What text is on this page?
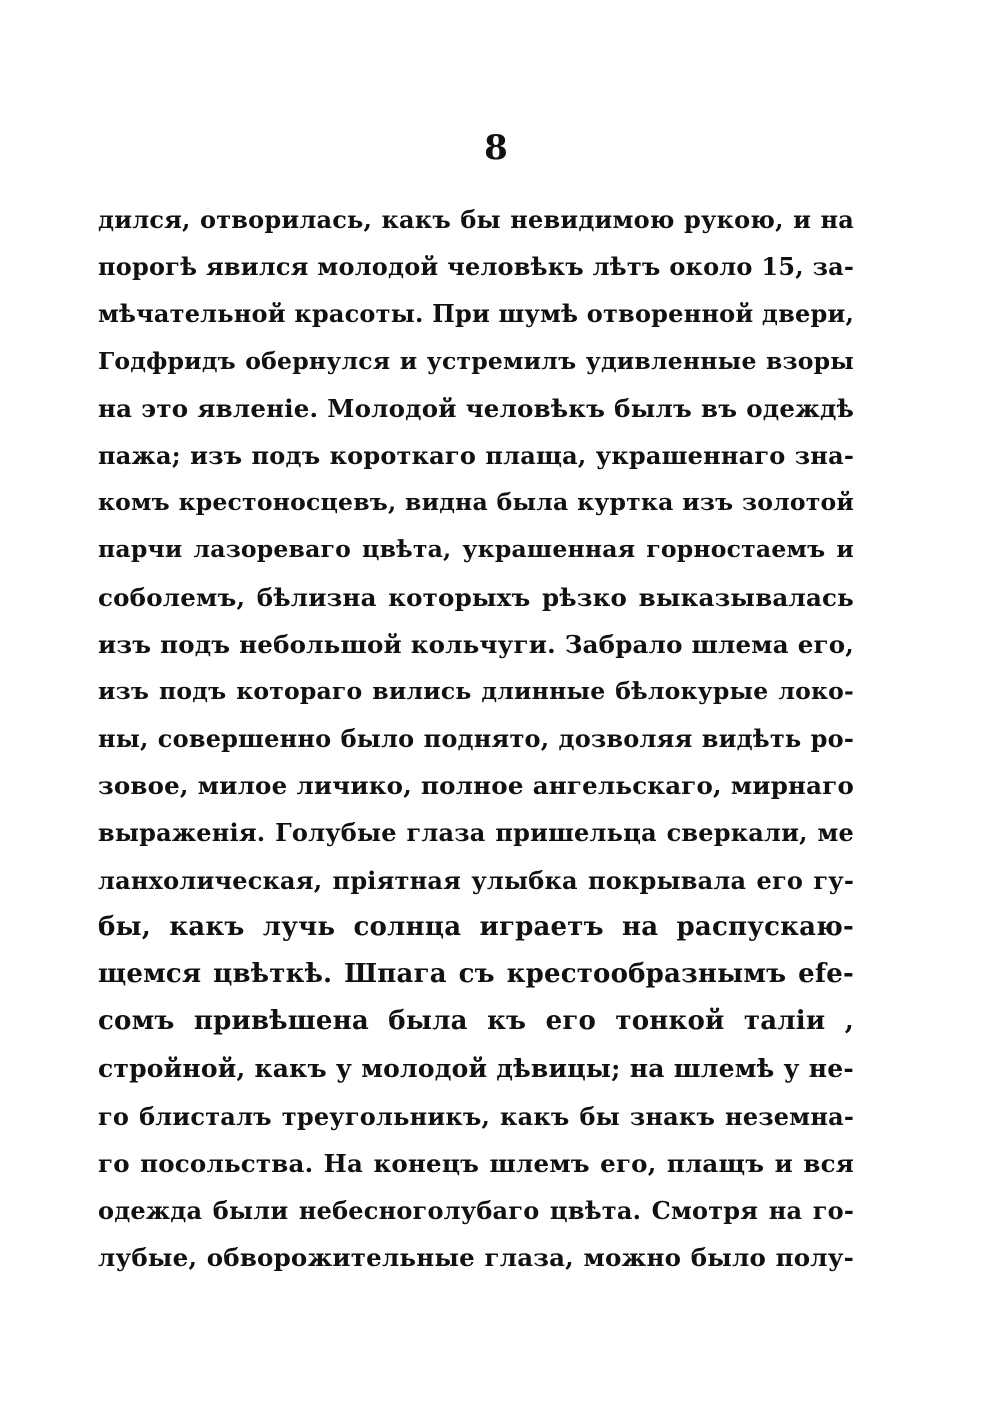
8
дился, отворилась, какъ бы невидимою рукою, и на
порогѣ явился молодой человѣкъ лѣтъ около 15, за-
мѣчательной красоты. При шумѣ отворенной двери,
Годфридъ обернулся и устремилъ удивленные взоры
на это явленіе. Молодой человѣкъ былъ въ одеждѣ
пажа; изъ подъ короткаго плаща, украшеннаго зна-
комъ крестоносцевъ, видна была куртка изъ золотой
парчи лазореваго цвѣта, украшенная горностаемъ и
соболемъ, бѣлизна которыхъ рѣзко выказывалась
изъ подъ небольшой кольчуги. Забрало шлема его,
изъ подъ котораго вились длинные бѣлокурые локо-
ны, совершенно было поднято, дозволяя видѣть ро-
зовое, милое личико, полное ангельскаго, мирнаго
выраженія. Голубые глаза пришельца сверкали, ме
ланхолическая, пріятная улыбка покрывала его гу-
бы, какъ лучь солнца играетъ на распускаю-
щемся цвѣткѣ. Шпага съ крестообразнымъ efe-
сомъ привѣшена была къ его тонкой таліи ,
стройной, какъ у молодой дѣвицы; на шлемѣ у не-
го блисталъ треугольникъ, какъ бы знакъ неземна-
го посольства. На конецъ шлемъ его, плащъ и вся
одежда были небесноголубаго цвѣта. Смотря на го-
лубые, обворожительные глаза, можно было полу-
